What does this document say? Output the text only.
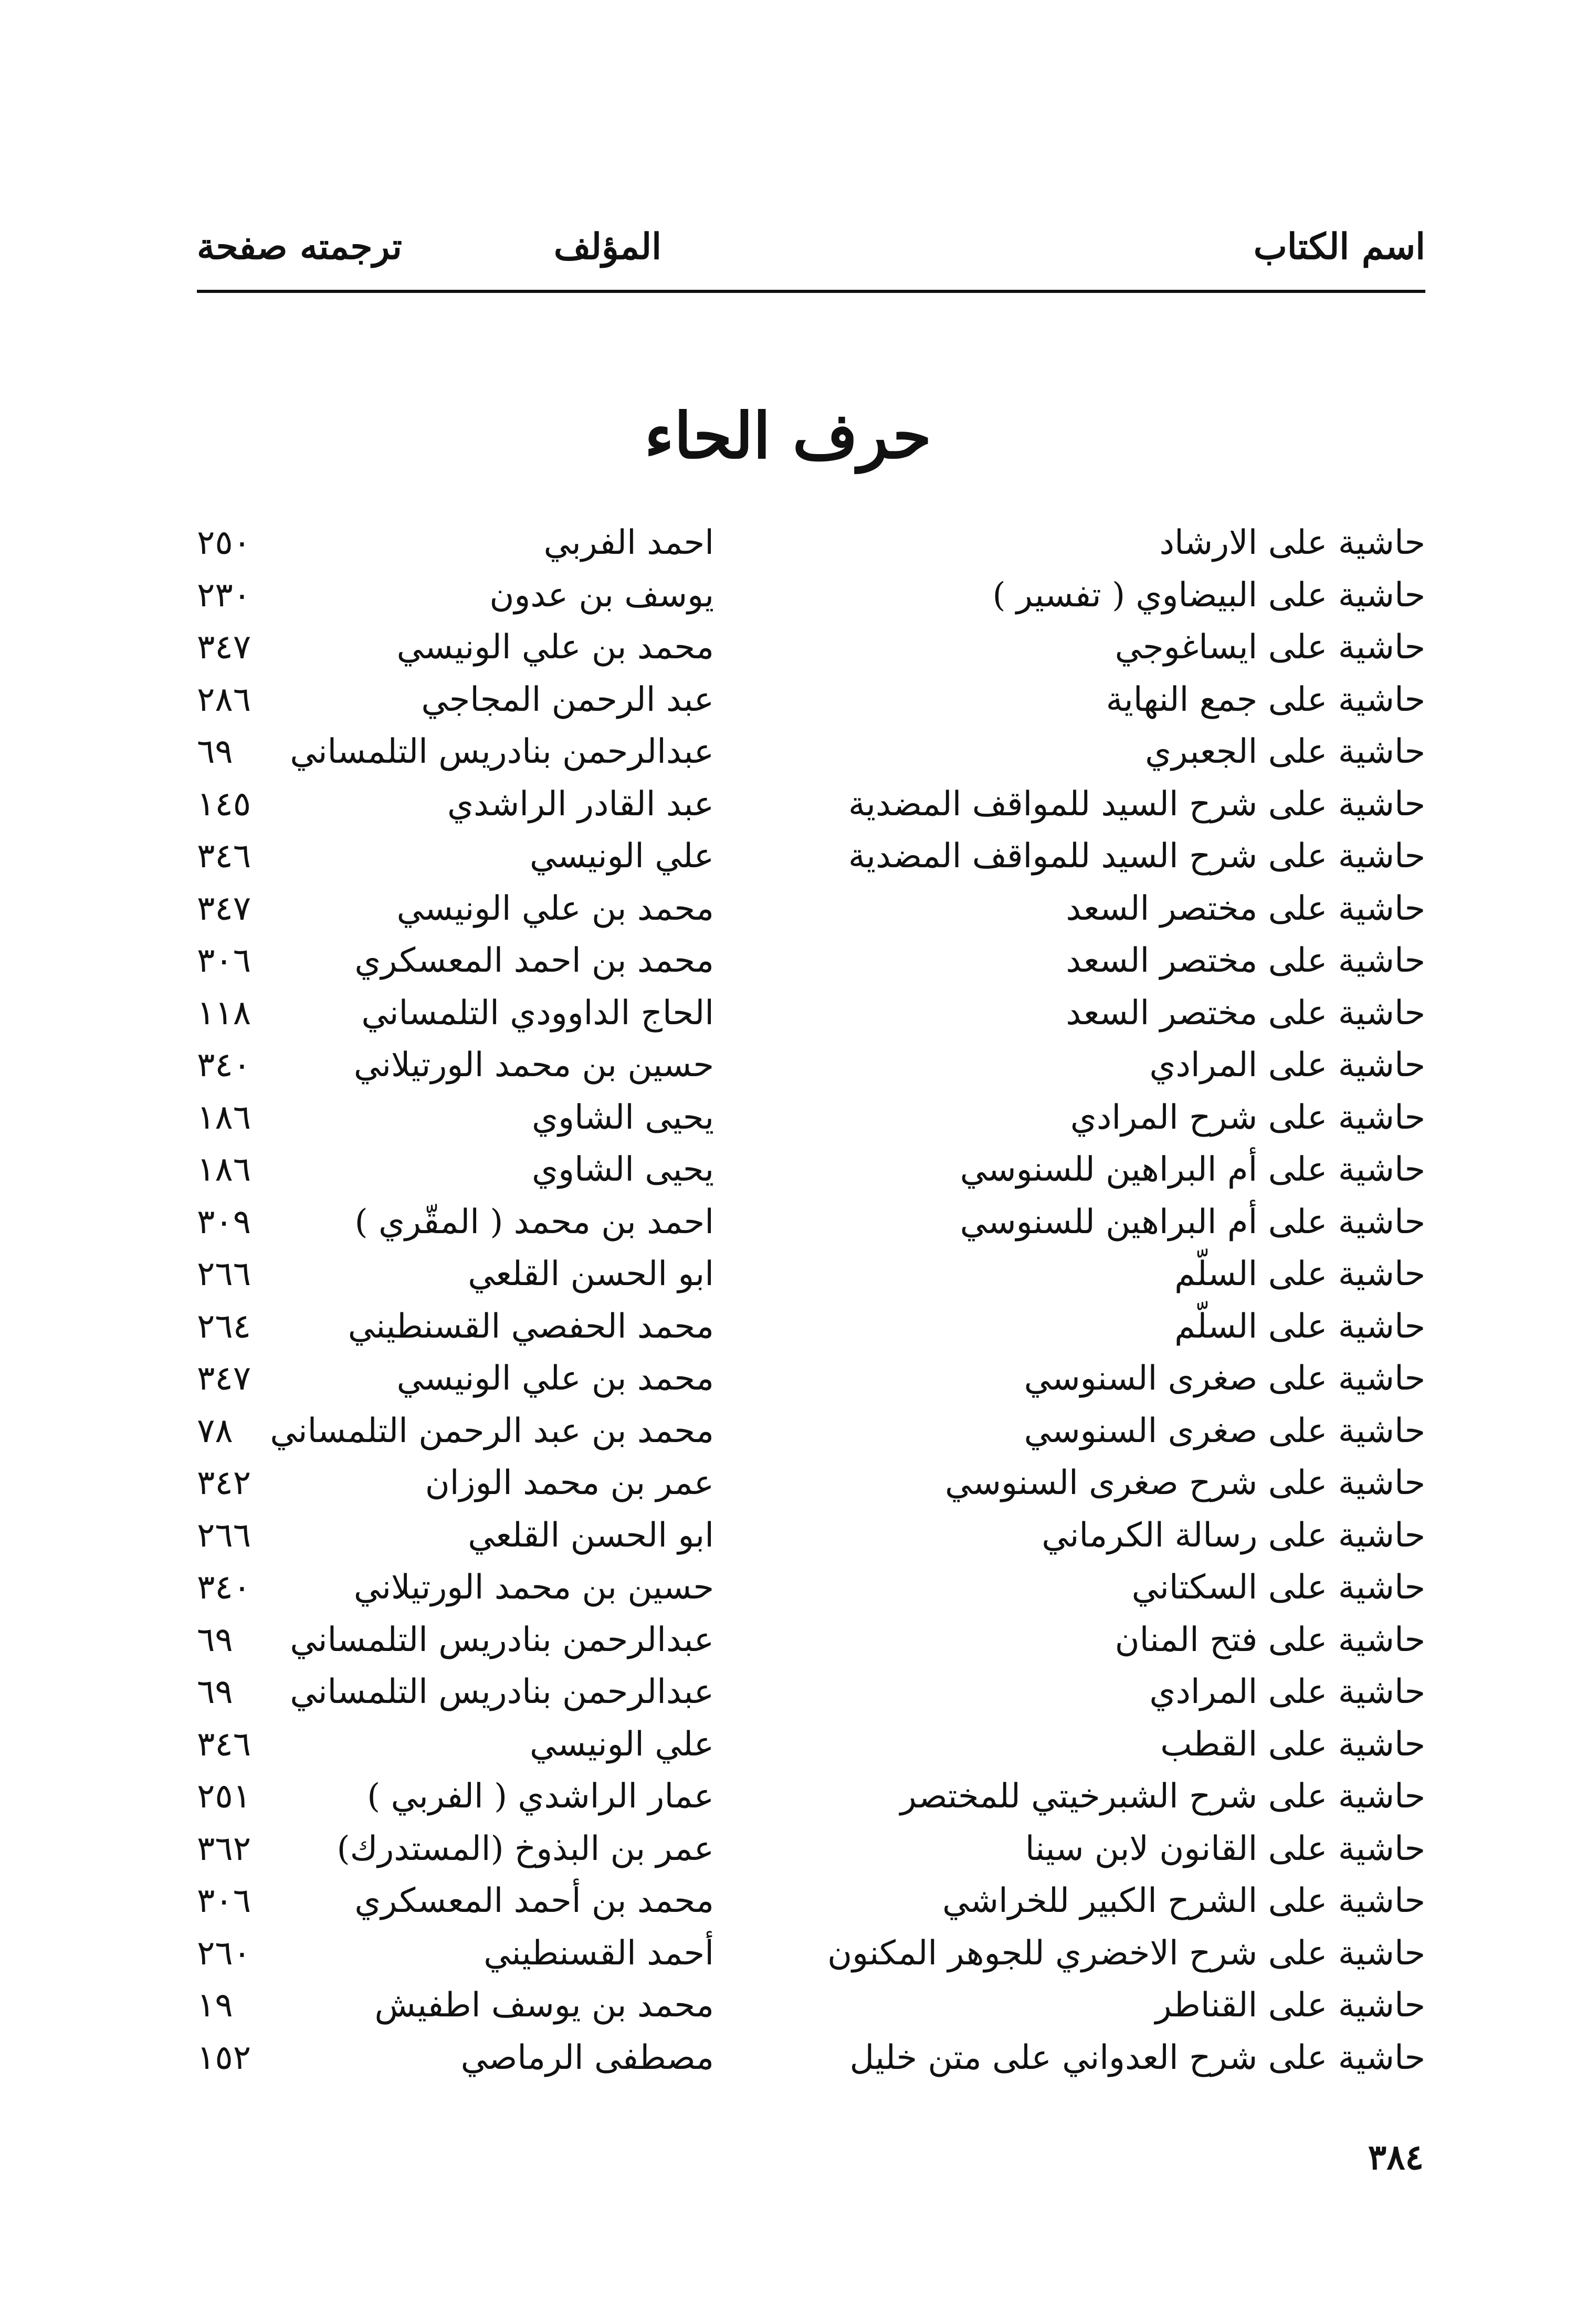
اسم الكتاب
المؤلف
ترجمته صفحة
حرف الحاء
حاشية على الارشاد
احمد الفربي
٢٥٠
حاشية على البيضاوي ( تفسير )
يوسف بن عدون
٢٣٠
حاشية على ايساغوجي
محمد بن علي الونيسي
٣٤٧
حاشية على جمع النهاية
عبد الرحمن المجاجي
٢٨٦
حاشية على الجعبري
عبدالرحمن بنادريس التلمساني
٦٩
حاشية على شرح السيد للمواقف المضدية
عبد القادر الراشدي
١٤٥
حاشية على شرح السيد للمواقف المضدية
علي الونيسي
٣٤٦
حاشية على مختصر السعد
محمد بن علي الونيسي
٣٤٧
حاشية على مختصر السعد
محمد بن احمد المعسكري
٣٠٦
حاشية على مختصر السعد
الحاج الداوودي التلمساني
١١٨
حاشية على المرادي
حسين بن محمد الورتيلاني
٣٤٠
حاشية على شرح المرادي
يحيى الشاوي
١٨٦
حاشية على أم البراهين للسنوسي
يحيى الشاوي
١٨٦
حاشية على أم البراهين للسنوسي
احمد بن محمد ( المقّري )
٣٠٩
حاشية على السلّم
ابو الحسن القلعي
٢٦٦
حاشية على السلّم
محمد الحفصي القسنطيني
٢٦٤
حاشية على صغرى السنوسي
محمد بن علي الونيسي
٣٤٧
حاشية على صغرى السنوسي
محمد بن عبد الرحمن التلمساني
٧٨
حاشية على شرح صغرى السنوسي
عمر بن محمد الوزان
٣٤٢
حاشية على رسالة الكرماني
ابو الحسن القلعي
٢٦٦
حاشية على السكتاني
حسين بن محمد الورتيلاني
٣٤٠
حاشية على فتح المنان
عبدالرحمن بنادريس التلمساني
٦٩
حاشية على المرادي
عبدالرحمن بنادريس التلمساني
٦٩
حاشية على القطب
علي الونيسي
٣٤٦
حاشية على شرح الشبرخيتي للمختصر
عمار الراشدي ( الفربي )
٢٥١
حاشية على القانون لابن سينا
عمر بن البذوخ (المستدرك)
٣٦٢
حاشية على الشرح الكبير للخراشي
محمد بن أحمد المعسكري
٣٠٦
حاشية على شرح الاخضري للجوهر المكنون
أحمد القسنطيني
٢٦٠
حاشية على القناطر
محمد بن يوسف اطفيش
١٩
حاشية على شرح العدواني على متن خليل
مصطفى الرماصي
١٥٢
٣٨٤
